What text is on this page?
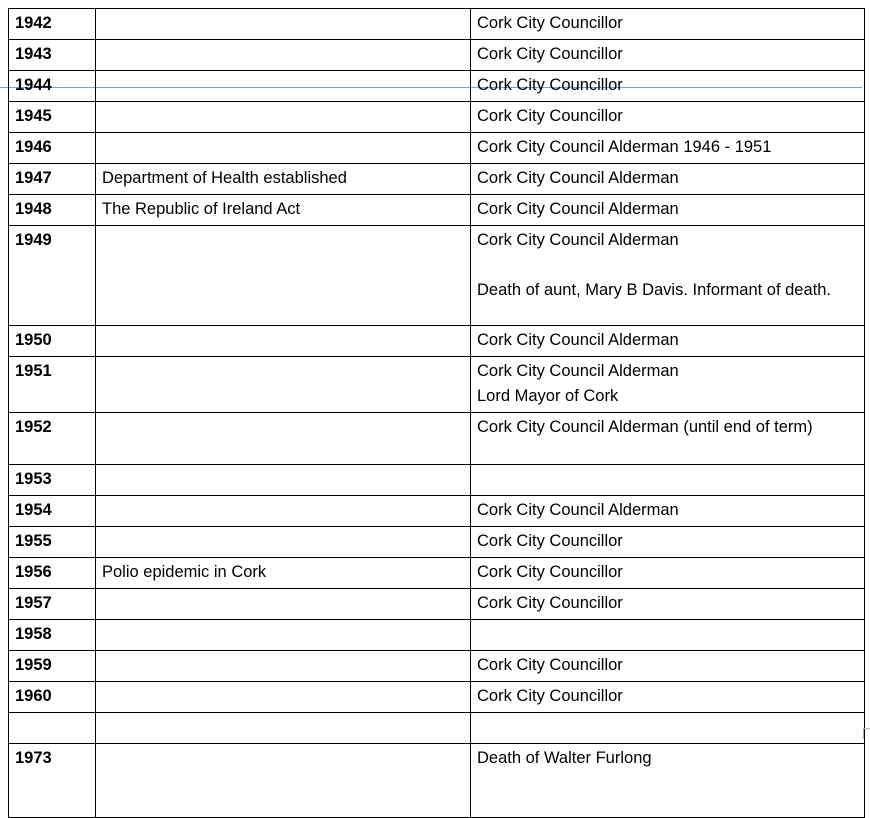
1942		Cork City Councillor
1943		Cork City Councillor
1944		Cork City Councillor
1945		Cork City Councillor
1946		Cork City Council Alderman 1946 - 1951
1947	Department of Health established	Cork City Council Alderman
1948	The Republic of Ireland Act	Cork City Council Alderman
1949		Cork City Council Alderman
Death of aunt, Mary B Davis. Informant of death.

1950		Cork City Council Alderman
1951		Cork City Council Alderman
Lord Mayor of Cork

1952		Cork City Council Alderman (until end of term)
1953		
1954		Cork City Council Alderman
1955		Cork City Councillor
1956	Polio epidemic in Cork	Cork City Councillor
1957		Cork City Councillor
1958		
1959		Cork City Councillor
1960		Cork City Councillor

1973		Death of Walter Furlong
